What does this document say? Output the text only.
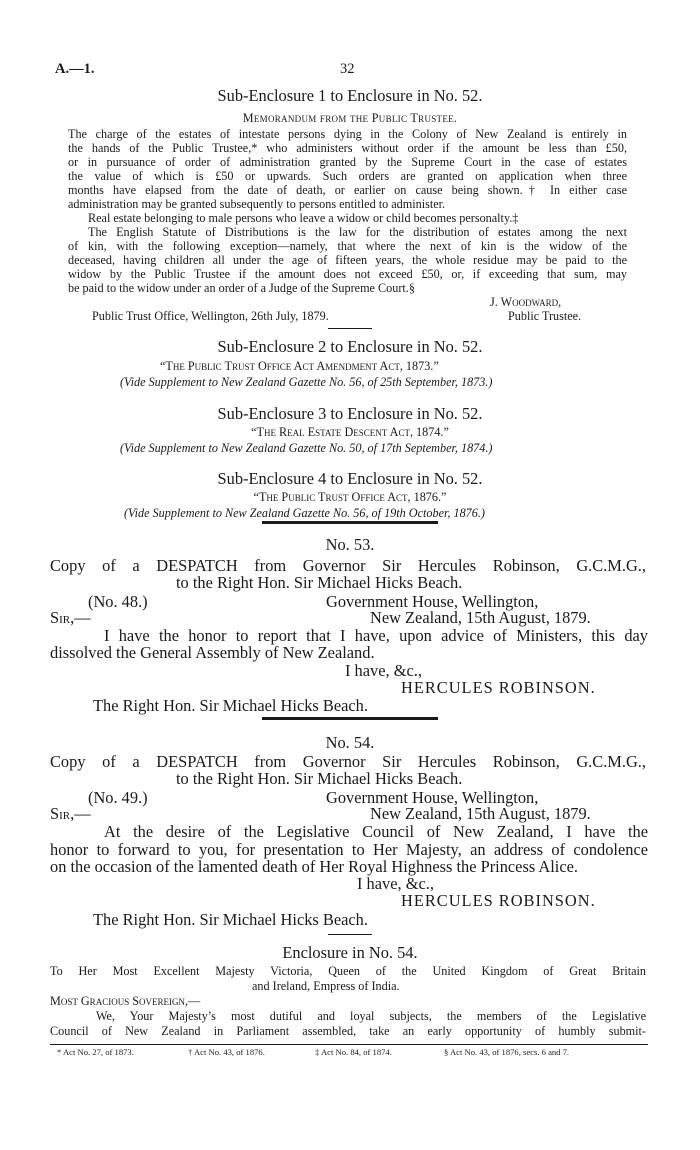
A.—1.	32
Sub-Enclosure 1 to Enclosure in No. 52.
Memorandum from the Public Trustee.
The charge of the estates of intestate persons dying in the Colony of New Zealand is entirely in
the hands of the Public Trustee,* who administers without order if the amount be less than £50,
or in pursuance of order of administration granted by the Supreme Court in the case of estates
the value of which is £50 or upwards. Such orders are granted on application when three
months have elapsed from the date of death, or earlier on cause being shown.† In either case
administration may be granted subsequently to persons entitled to administer.
Real estate belonging to male persons who leave a widow or child becomes personalty.‡
The English Statute of Distributions is the law for the distribution of estates among the next
of kin, with the following exception—namely, that where the next of kin is the widow of the
deceased, having children all under the age of fifteen years, the whole residue may be paid to the
widow by the Public Trustee if the amount does not exceed £50, or, if exceeding that sum, may
be paid to the widow under an order of a Judge of the Supreme Court.§
J. Woodward,
Public Trust Office, Wellington, 26th July, 1879.	Public Trustee.
Sub-Enclosure 2 to Enclosure in No. 52.
“The Public Trust Office Act Amendment Act, 1873.”
(Vide Supplement to New Zealand Gazette No. 56, of 25th September, 1873.)
Sub-Enclosure 3 to Enclosure in No. 52.
“The Real Estate Descent Act, 1874.”
(Vide Supplement to New Zealand Gazette No. 50, of 17th September, 1874.)
Sub-Enclosure 4 to Enclosure in No. 52.
“The Public Trust Office Act, 1876.”
(Vide Supplement to New Zealand Gazette No. 56, of 19th October, 1876.)
No. 53.
Copy of a DESPATCH from Governor Sir Hercules Robinson, G.C.M.G.,
to the Right Hon. Sir Michael Hicks Beach.
(No. 48.)	Government House, Wellington,
Sir,—	New Zealand, 15th August, 1879.
I have the honor to report that I have, upon advice of Ministers, this day
dissolved the General Assembly of New Zealand.
I have, &c.,
HERCULES ROBINSON.
The Right Hon. Sir Michael Hicks Beach.
No. 54.
Copy of a DESPATCH from Governor Sir Hercules Robinson, G.C.M.G.,
to the Right Hon. Sir Michael Hicks Beach.
(No. 49.)	Government House, Wellington,
Sir,—	New Zealand, 15th August, 1879.
At the desire of the Legislative Council of New Zealand, I have the
honor to forward to you, for presentation to Her Majesty, an address of condolence
on the occasion of the lamented death of Her Royal Highness the Princess Alice.
I have, &c.,
HERCULES ROBINSON.
The Right Hon. Sir Michael Hicks Beach.
Enclosure in No. 54.
To Her Most Excellent Majesty Victoria, Queen of the United Kingdom of Great Britain
and Ireland, Empress of India.
Most Gracious Sovereign,—
We, Your Majesty’s most dutiful and loyal subjects, the members of the Legislative
Council of New Zealand in Parliament assembled, take an early opportunity of humbly submit-
* Act No. 27, of 1873.	† Act No. 43, of 1876.	‡ Act No. 84, of 1874.	§ Act No. 43, of 1876, secs. 6 and 7.
